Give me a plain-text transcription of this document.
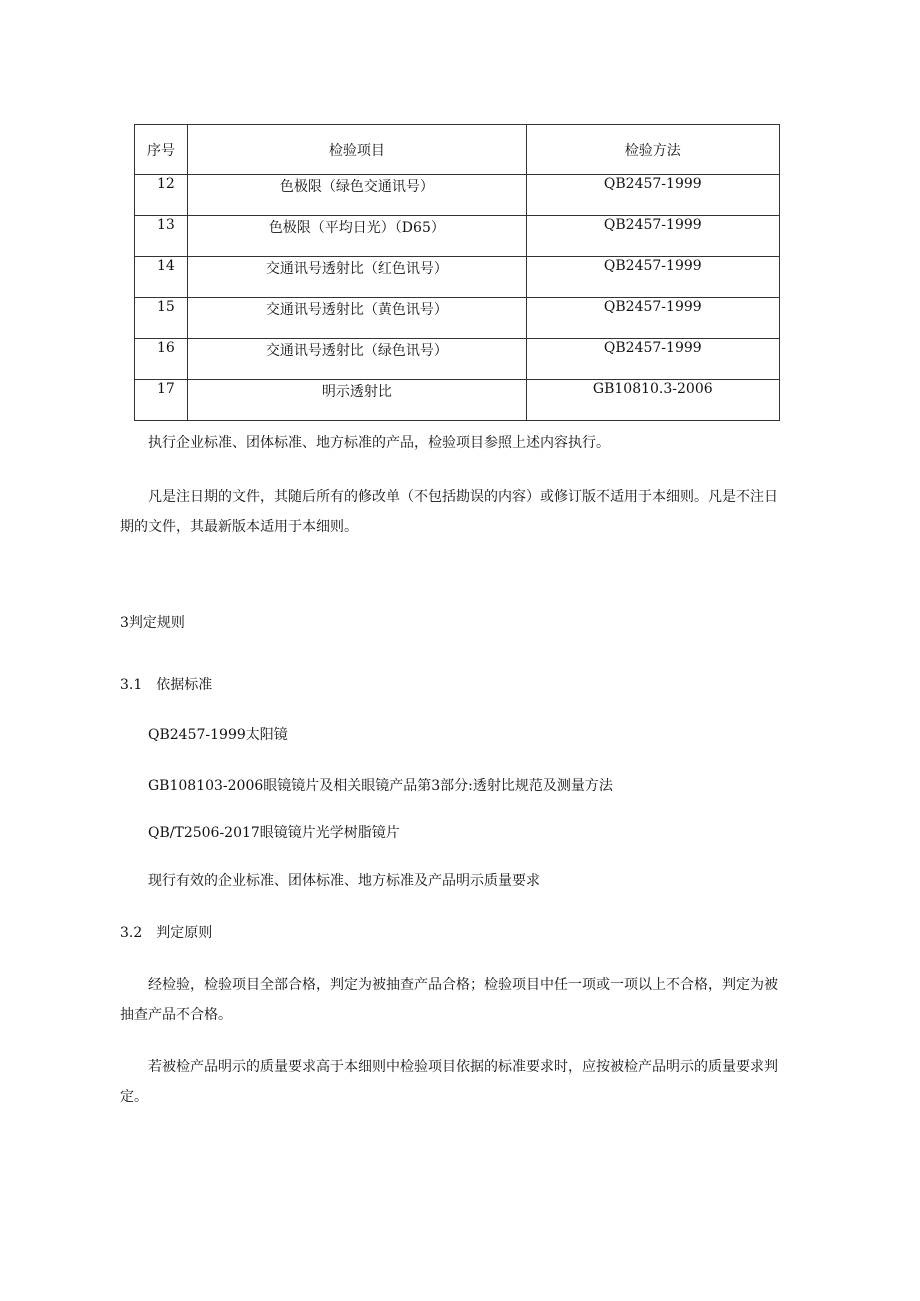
序号	检验项目	检验方法
12	色极限（绿色交通讯号）	QB2457-1999
13	色极限（平均日光）（D65）	QB2457-1999
14	交通讯号透射比（红色讯号）	QB2457-1999
15	交通讯号透射比（黄色讯号）	QB2457-1999
16	交通讯号透射比（绿色讯号）	QB2457-1999
17	明示透射比	GB10810.3-2006

执行企业标准、团体标准、地方标准的产品，检验项目参照上述内容执行。

凡是注日期的文件，其随后所有的修改单（不包括勘误的内容）或修订版不适用于本细则。凡是不注日期的文件，其最新版本适用于本细则。

3判定规则

3.1　依据标准

QB2457-1999太阳镜

GB108103-2006眼镜镜片及相关眼镜产品第3部分:透射比规范及测量方法

QB/T2506-2017眼镜镜片光学树脂镜片

现行有效的企业标准、团体标准、地方标准及产品明示质量要求

3.2　判定原则

经检验，检验项目全部合格，判定为被抽查产品合格；检验项目中任一项或一项以上不合格，判定为被抽查产品不合格。

若被检产品明示的质量要求高于本细则中检验项目依据的标准要求时，应按被检产品明示的质量要求判定。
